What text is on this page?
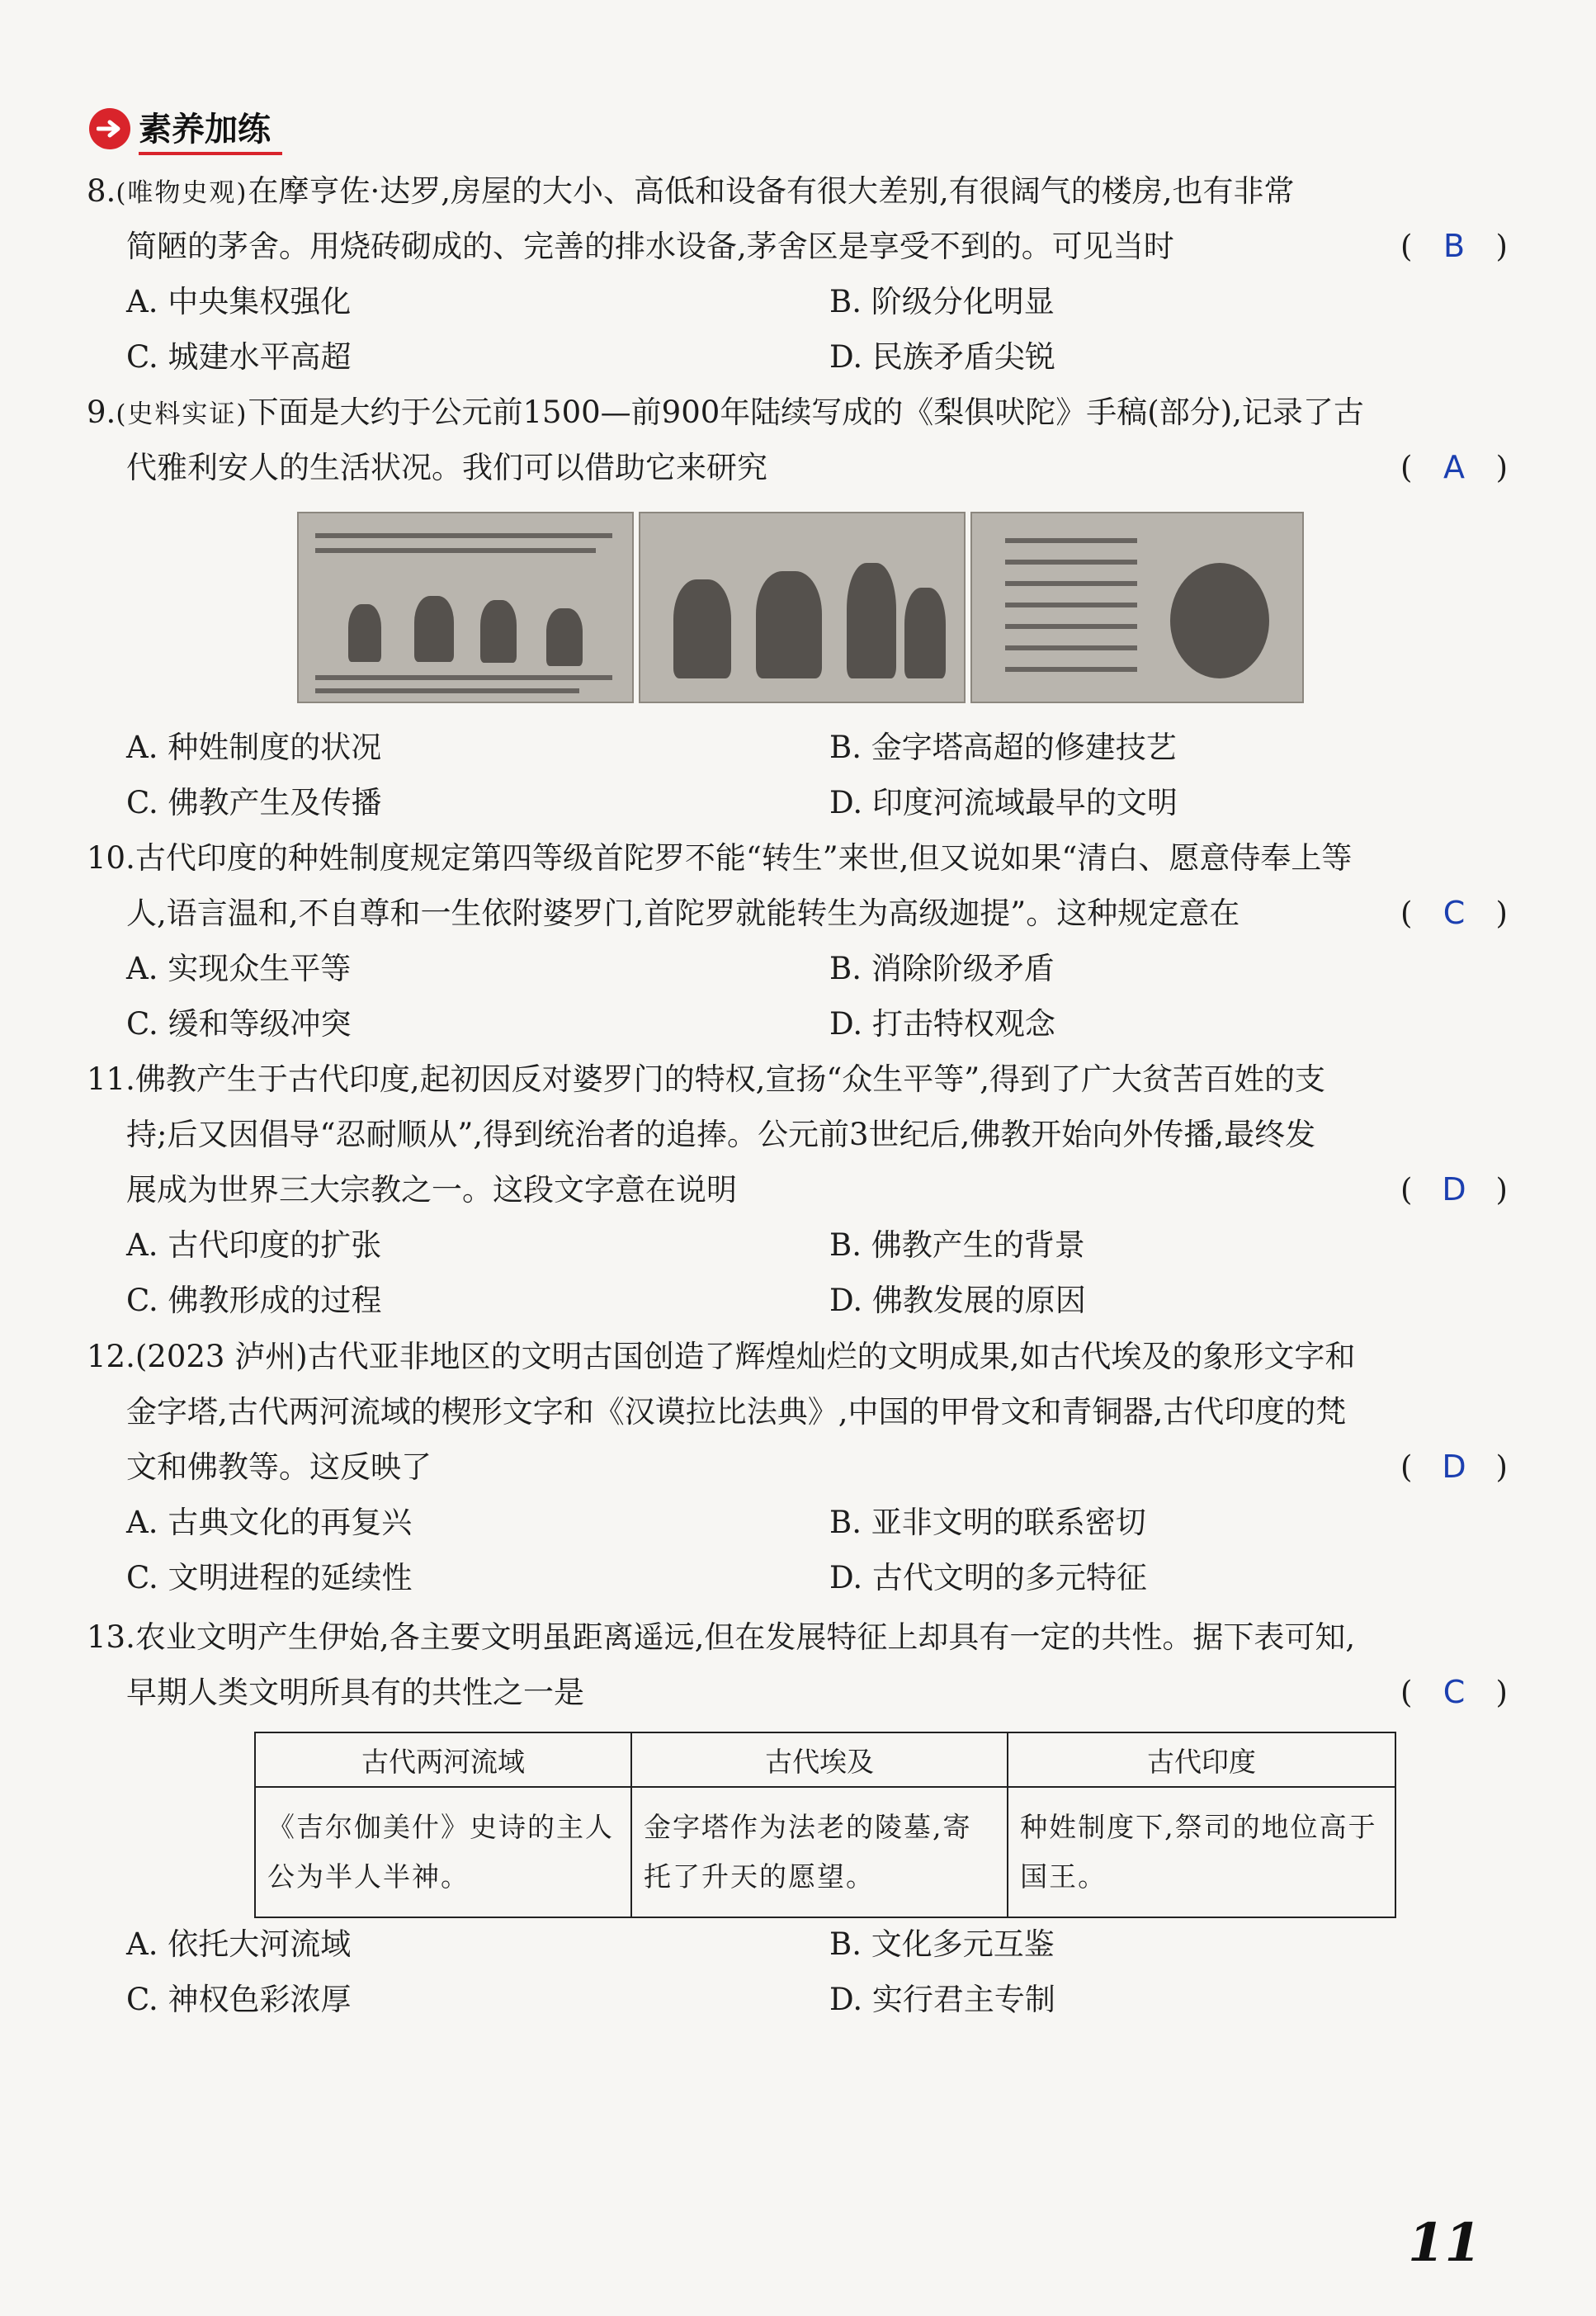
素养加练
8.(唯物史观)在摩亨佐·达罗,房屋的大小、高低和设备有很大差别,有很阔气的楼房,也有非常
简陋的茅舍。用烧砖砌成的、完善的排水设备,茅舍区是享受不到的。可见当时	( B )
A. 中央集权强化	B. 阶级分化明显
C. 城建水平高超	D. 民族矛盾尖锐
9.(史料实证)下面是大约于公元前1500—前900年陆续写成的《梨俱吠陀》手稿(部分),记录了古
代雅利安人的生活状况。我们可以借助它来研究	( A )
A. 种姓制度的状况	B. 金字塔高超的修建技艺
C. 佛教产生及传播	D. 印度河流域最早的文明
10.古代印度的种姓制度规定第四等级首陀罗不能“转生”来世,但又说如果“清白、愿意侍奉上等
人,语言温和,不自尊和一生依附婆罗门,首陀罗就能转生为高级迦提”。这种规定意在	( C )
A. 实现众生平等	B. 消除阶级矛盾
C. 缓和等级冲突	D. 打击特权观念
11.佛教产生于古代印度,起初因反对婆罗门的特权,宣扬“众生平等”,得到了广大贫苦百姓的支
持;后又因倡导“忍耐顺从”,得到统治者的追捧。公元前3世纪后,佛教开始向外传播,最终发
展成为世界三大宗教之一。这段文字意在说明	( D )
A. 古代印度的扩张	B. 佛教产生的背景
C. 佛教形成的过程	D. 佛教发展的原因
12.(2023 泸州)古代亚非地区的文明古国创造了辉煌灿烂的文明成果,如古代埃及的象形文字和
金字塔,古代两河流域的楔形文字和《汉谟拉比法典》,中国的甲骨文和青铜器,古代印度的梵
文和佛教等。这反映了	( D )
A. 古典文化的再复兴	B. 亚非文明的联系密切
C. 文明进程的延续性	D. 古代文明的多元特征
13.农业文明产生伊始,各主要文明虽距离遥远,但在发展特征上却具有一定的共性。据下表可知,
早期人类文明所具有的共性之一是	( C )
古代两河流域	古代埃及	古代印度
《吉尔伽美什》史诗的主人公为半人半神。	金字塔作为法老的陵墓,寄托了升天的愿望。	种姓制度下,祭司的地位高于国王。
A. 依托大河流域	B. 文化多元互鉴
C. 神权色彩浓厚	D. 实行君主专制
11
